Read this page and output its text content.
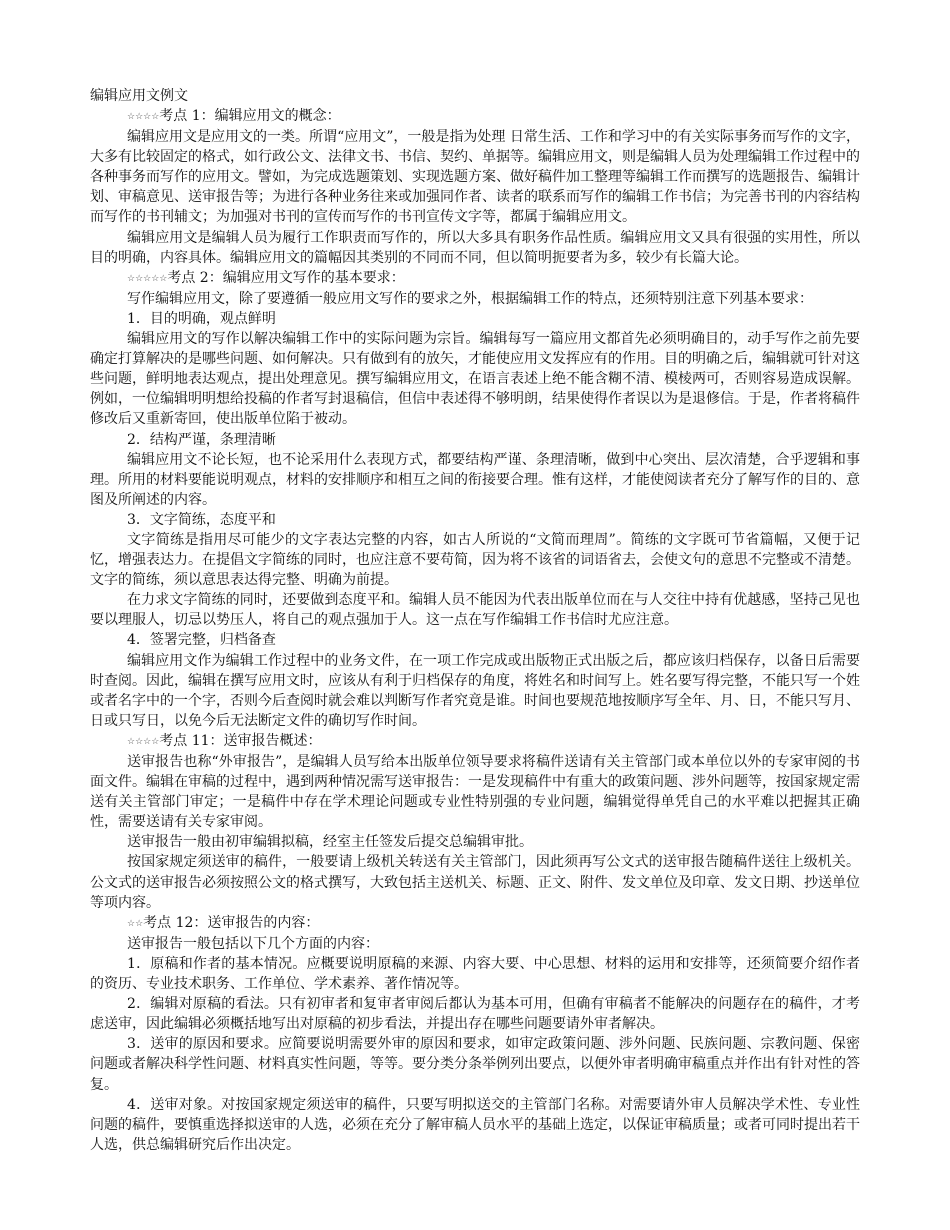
编辑应用文例文

☆☆☆☆考点 1：编辑应用文的概念：

编辑应用文是应用文的一类。所谓“应用文”，一般是指为处理 日常生活、工作和学习中的有关实际事务而写作的文字，大多有比较固定的格式，如行政公文、法律文书、书信、契约、单据等。编辑应用文，则是编辑人员为处理编辑工作过程中的各种事务而写作的应用文。譬如，为完成选题策划、实现选题方案、做好稿件加工整理等编辑工作而撰写的选题报告、编辑计划、审稿意见、送审报告等；为进行各种业务往来或加强同作者、读者的联系而写作的编辑工作书信；为完善书刊的内容结构而写作的书刊辅文；为加强对书刊的宣传而写作的书刊宣传文字等，都属于编辑应用文。

编辑应用文是编辑人员为履行工作职责而写作的，所以大多具有职务作品性质。编辑应用文又具有很强的实用性，所以目的明确，内容具体。编辑应用文的篇幅因其类别的不同而不同，但以简明扼要者为多，较少有长篇大论。

☆☆☆☆☆考点 2：编辑应用文写作的基本要求：

写作编辑应用文，除了要遵循一般应用文写作的要求之外，根据编辑工作的特点，还须特别注意下列基本要求：

1．目的明确，观点鲜明

编辑应用文的写作以解决编辑工作中的实际问题为宗旨。编辑每写一篇应用文都首先必须明确目的，动手写作之前先要确定打算解决的是哪些问题、如何解决。只有做到有的放矢，才能使应用文发挥应有的作用。目的明确之后，编辑就可针对这些问题，鲜明地表达观点，提出处理意见。撰写编辑应用文，在语言表述上绝不能含糊不清、模棱两可，否则容易造成误解。例如，一位编辑明明想给投稿的作者写封退稿信，但信中表述得不够明朗，结果使得作者误以为是退修信。于是，作者将稿件修改后又重新寄回，使出版单位陷于被动。

2．结构严谨，条理清晰

编辑应用文不论长短，也不论采用什么表现方式，都要结构严谨、条理清晰，做到中心突出、层次清楚，合乎逻辑和事理。所用的材料要能说明观点，材料的安排顺序和相互之间的衔接要合理。惟有这样，才能使阅读者充分了解写作的目的、意图及所阐述的内容。

3．文字简练，态度平和

文字简练是指用尽可能少的文字表达完整的内容，如古人所说的“文简而理周”。简练的文字既可节省篇幅，又便于记忆，增强表达力。在提倡文字简练的同时，也应注意不要苟简，因为将不该省的词语省去，会使文句的意思不完整或不清楚。文字的简练，须以意思表达得完整、明确为前提。

在力求文字简练的同时，还要做到态度平和。编辑人员不能因为代表出版单位而在与人交往中持有优越感，坚持己见也要以理服人，切忌以势压人，将自己的观点强加于人。这一点在写作编辑工作书信时尤应注意。

4．签署完整，归档备查

编辑应用文作为编辑工作过程中的业务文件，在一项工作完成或出版物正式出版之后，都应该归档保存，以备日后需要时查阅。因此，编辑在撰写应用文时，应该从有利于归档保存的角度，将姓名和时间写上。姓名要写得完整，不能只写一个姓或者名字中的一个字，否则今后查阅时就会难以判断写作者究竟是谁。时间也要规范地按顺序写全年、月、日，不能只写月、日或只写日，以免今后无法断定文件的确切写作时间。

☆☆☆☆考点 11：送审报告概述：

送审报告也称“外审报告”，是编辑人员写给本出版单位领导要求将稿件送请有关主管部门或本单位以外的专家审阅的书面文件。编辑在审稿的过程中，遇到两种情况需写送审报告：一是发现稿件中有重大的政策问题、涉外问题等，按国家规定需送有关主管部门审定；一是稿件中存在学术理论问题或专业性特别强的专业问题，编辑觉得单凭自己的水平难以把握其正确性，需要送请有关专家审阅。

送审报告一般由初审编辑拟稿，经室主任签发后提交总编辑审批。

按国家规定须送审的稿件，一般要请上级机关转送有关主管部门，因此须再写公文式的送审报告随稿件送往上级机关。公文式的送审报告必须按照公文的格式撰写，大致包括主送机关、标题、正文、附件、发文单位及印章、发文日期、抄送单位等项内容。

☆☆考点 12：送审报告的内容：

送审报告一般包括以下几个方面的内容：

1．原稿和作者的基本情况。应概要说明原稿的来源、内容大要、中心思想、材料的运用和安排等，还须简要介绍作者的资历、专业技术职务、工作单位、学术素养、著作情况等。

2．编辑对原稿的看法。只有初审者和复审者审阅后都认为基本可用，但确有审稿者不能解决的问题存在的稿件，才考虑送审，因此编辑必须概括地写出对原稿的初步看法，并提出存在哪些问题要请外审者解决。

3．送审的原因和要求。应简要说明需要外审的原因和要求，如审定政策问题、涉外问题、民族问题、宗教问题、保密问题或者解决科学性问题、材料真实性问题，等等。要分类分条举例列出要点，以便外审者明确审稿重点并作出有针对性的答复。

4．送审对象。对按国家规定须送审的稿件，只要写明拟送交的主管部门名称。对需要请外审人员解决学术性、专业性问题的稿件，要慎重选择拟送审的人选，必须在充分了解审稿人员水平的基础上选定，以保证审稿质量；或者可同时提出若干人选，供总编辑研究后作出决定。
